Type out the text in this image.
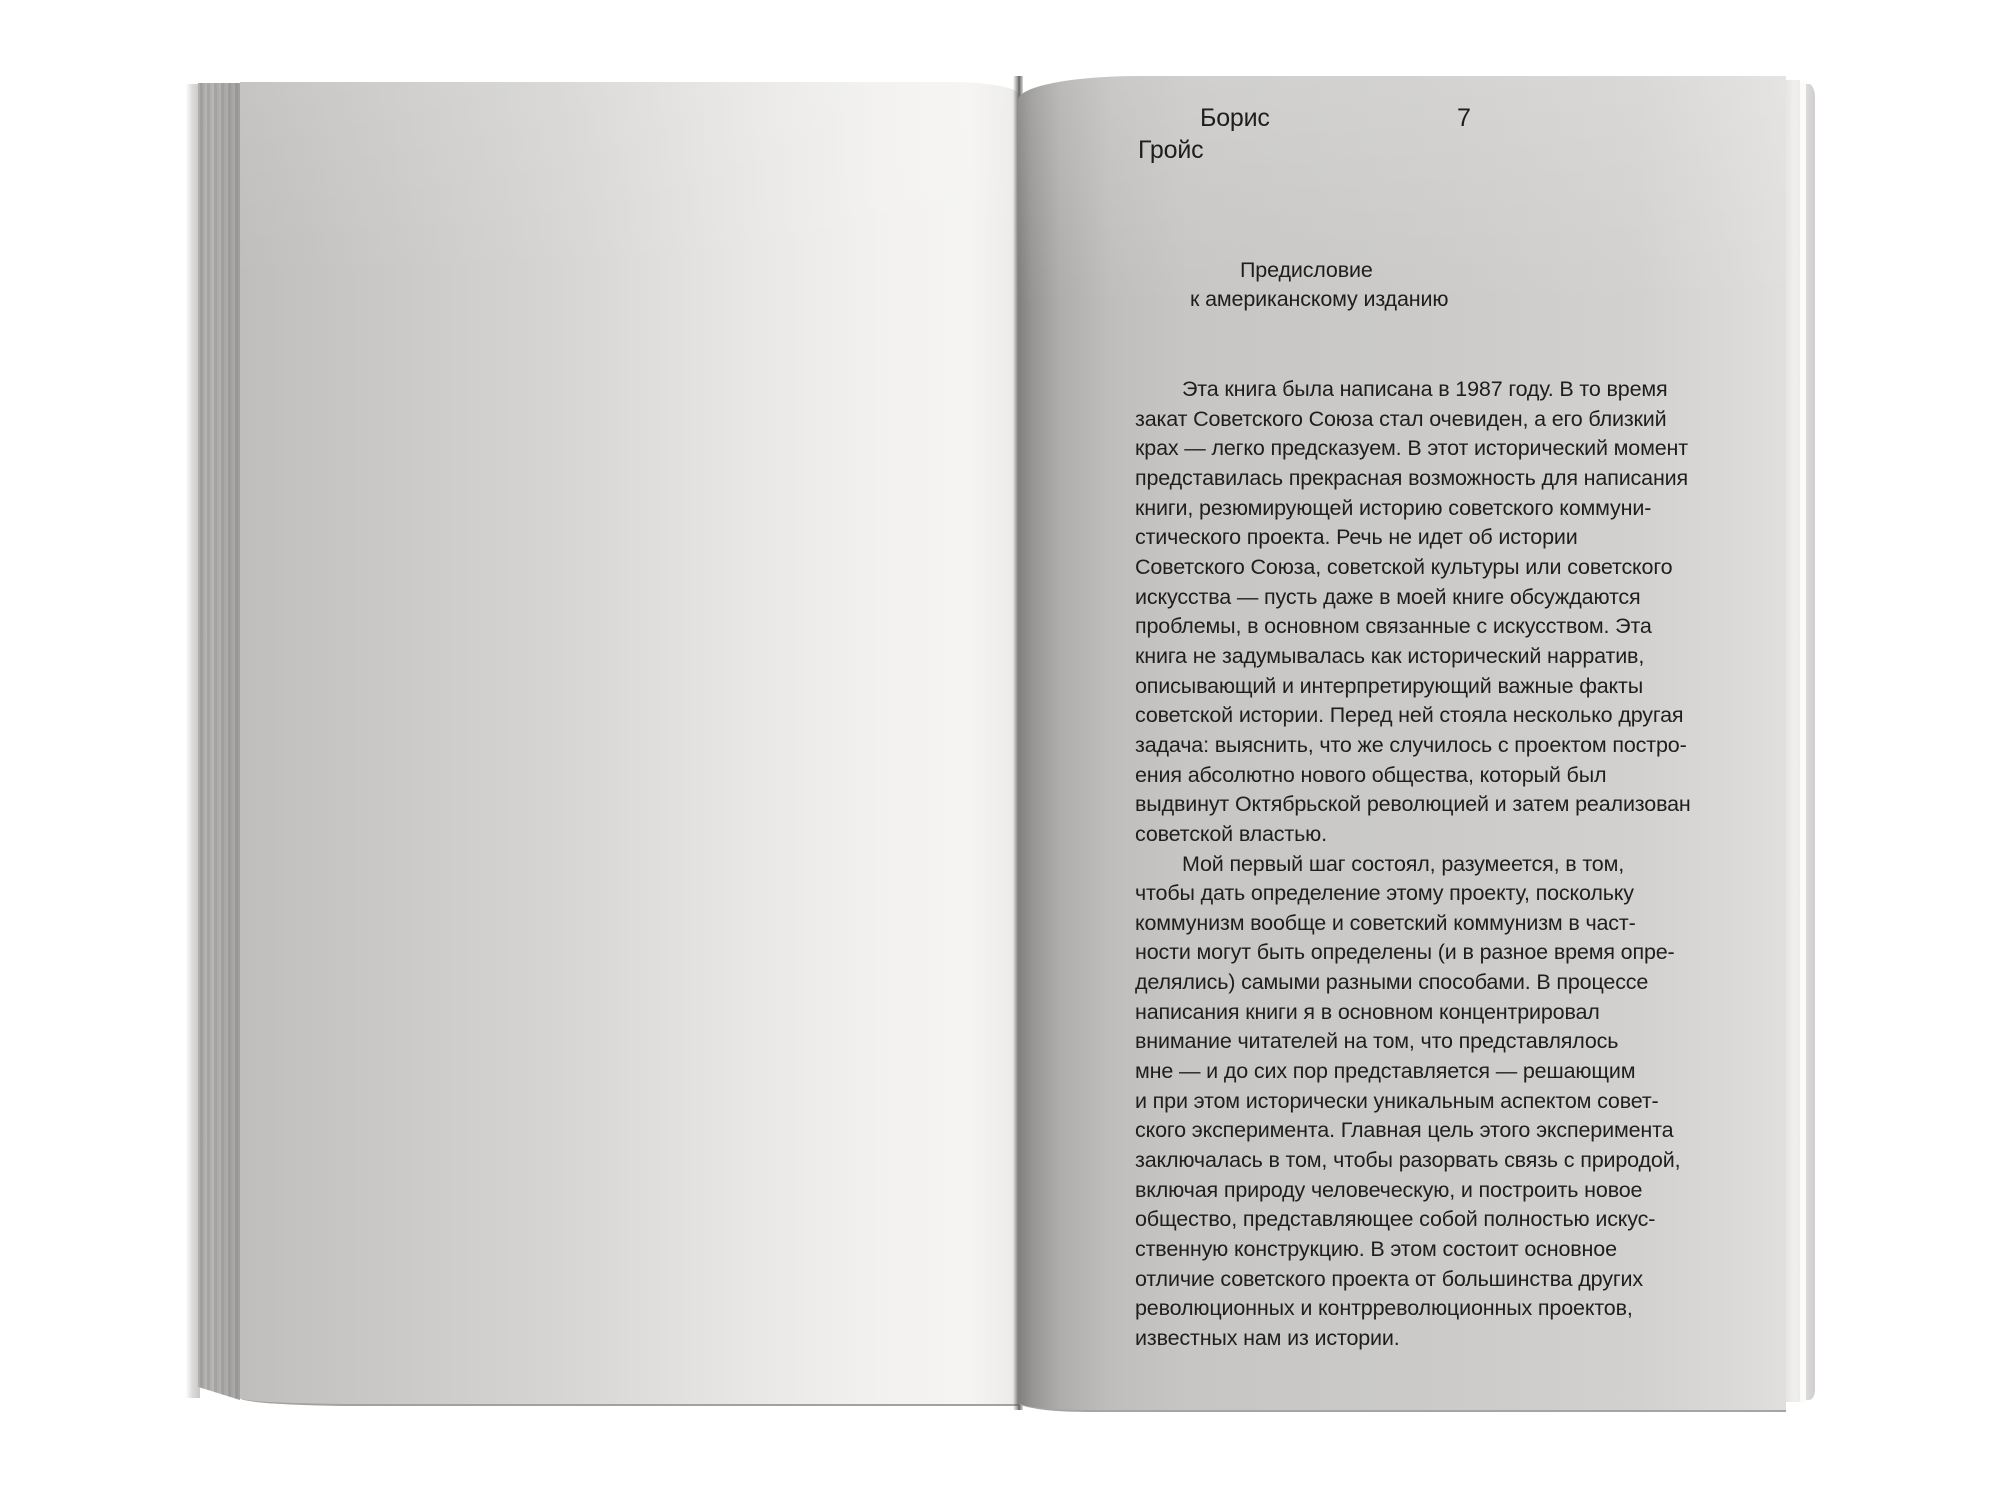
Борис	7
Гройс
Предисловие
к американскому изданию
Эта книга была написана в 1987 году. В то время
закат Советского Союза стал очевиден, а его близкий
крах — легко предсказуем. В этот исторический момент
представилась прекрасная возможность для написания
книги, резюмирующей историю советского коммуни-
стического проекта. Речь не идет об истории
Советского Союза, советской культуры или советского
искусства — пусть даже в моей книге обсуждаются
проблемы, в основном связанные с искусством. Эта
книга не задумывалась как исторический нарратив,
описывающий и интерпретирующий важные факты
советской истории. Перед ней стояла несколько другая
задача: выяснить, что же случилось с проектом постро-
ения абсолютно нового общества, который был
выдвинут Октябрьской революцией и затем реализован
советской властью.
Мой первый шаг состоял, разумеется, в том,
чтобы дать определение этому проекту, поскольку
коммунизм вообще и советский коммунизм в част-
ности могут быть определены (и в разное время опре-
делялись) самыми разными способами. В процессе
написания книги я в основном концентрировал
внимание читателей на том, что представлялось
мне — и до сих пор представляется — решающим
и при этом исторически уникальным аспектом совет-
ского эксперимента. Главная цель этого эксперимента
заключалась в том, чтобы разорвать связь с природой,
включая природу человеческую, и построить новое
общество, представляющее собой полностью искус-
ственную конструкцию. В этом состоит основное
отличие советского проекта от большинства других
революционных и контрреволюционных проектов,
известных нам из истории.
